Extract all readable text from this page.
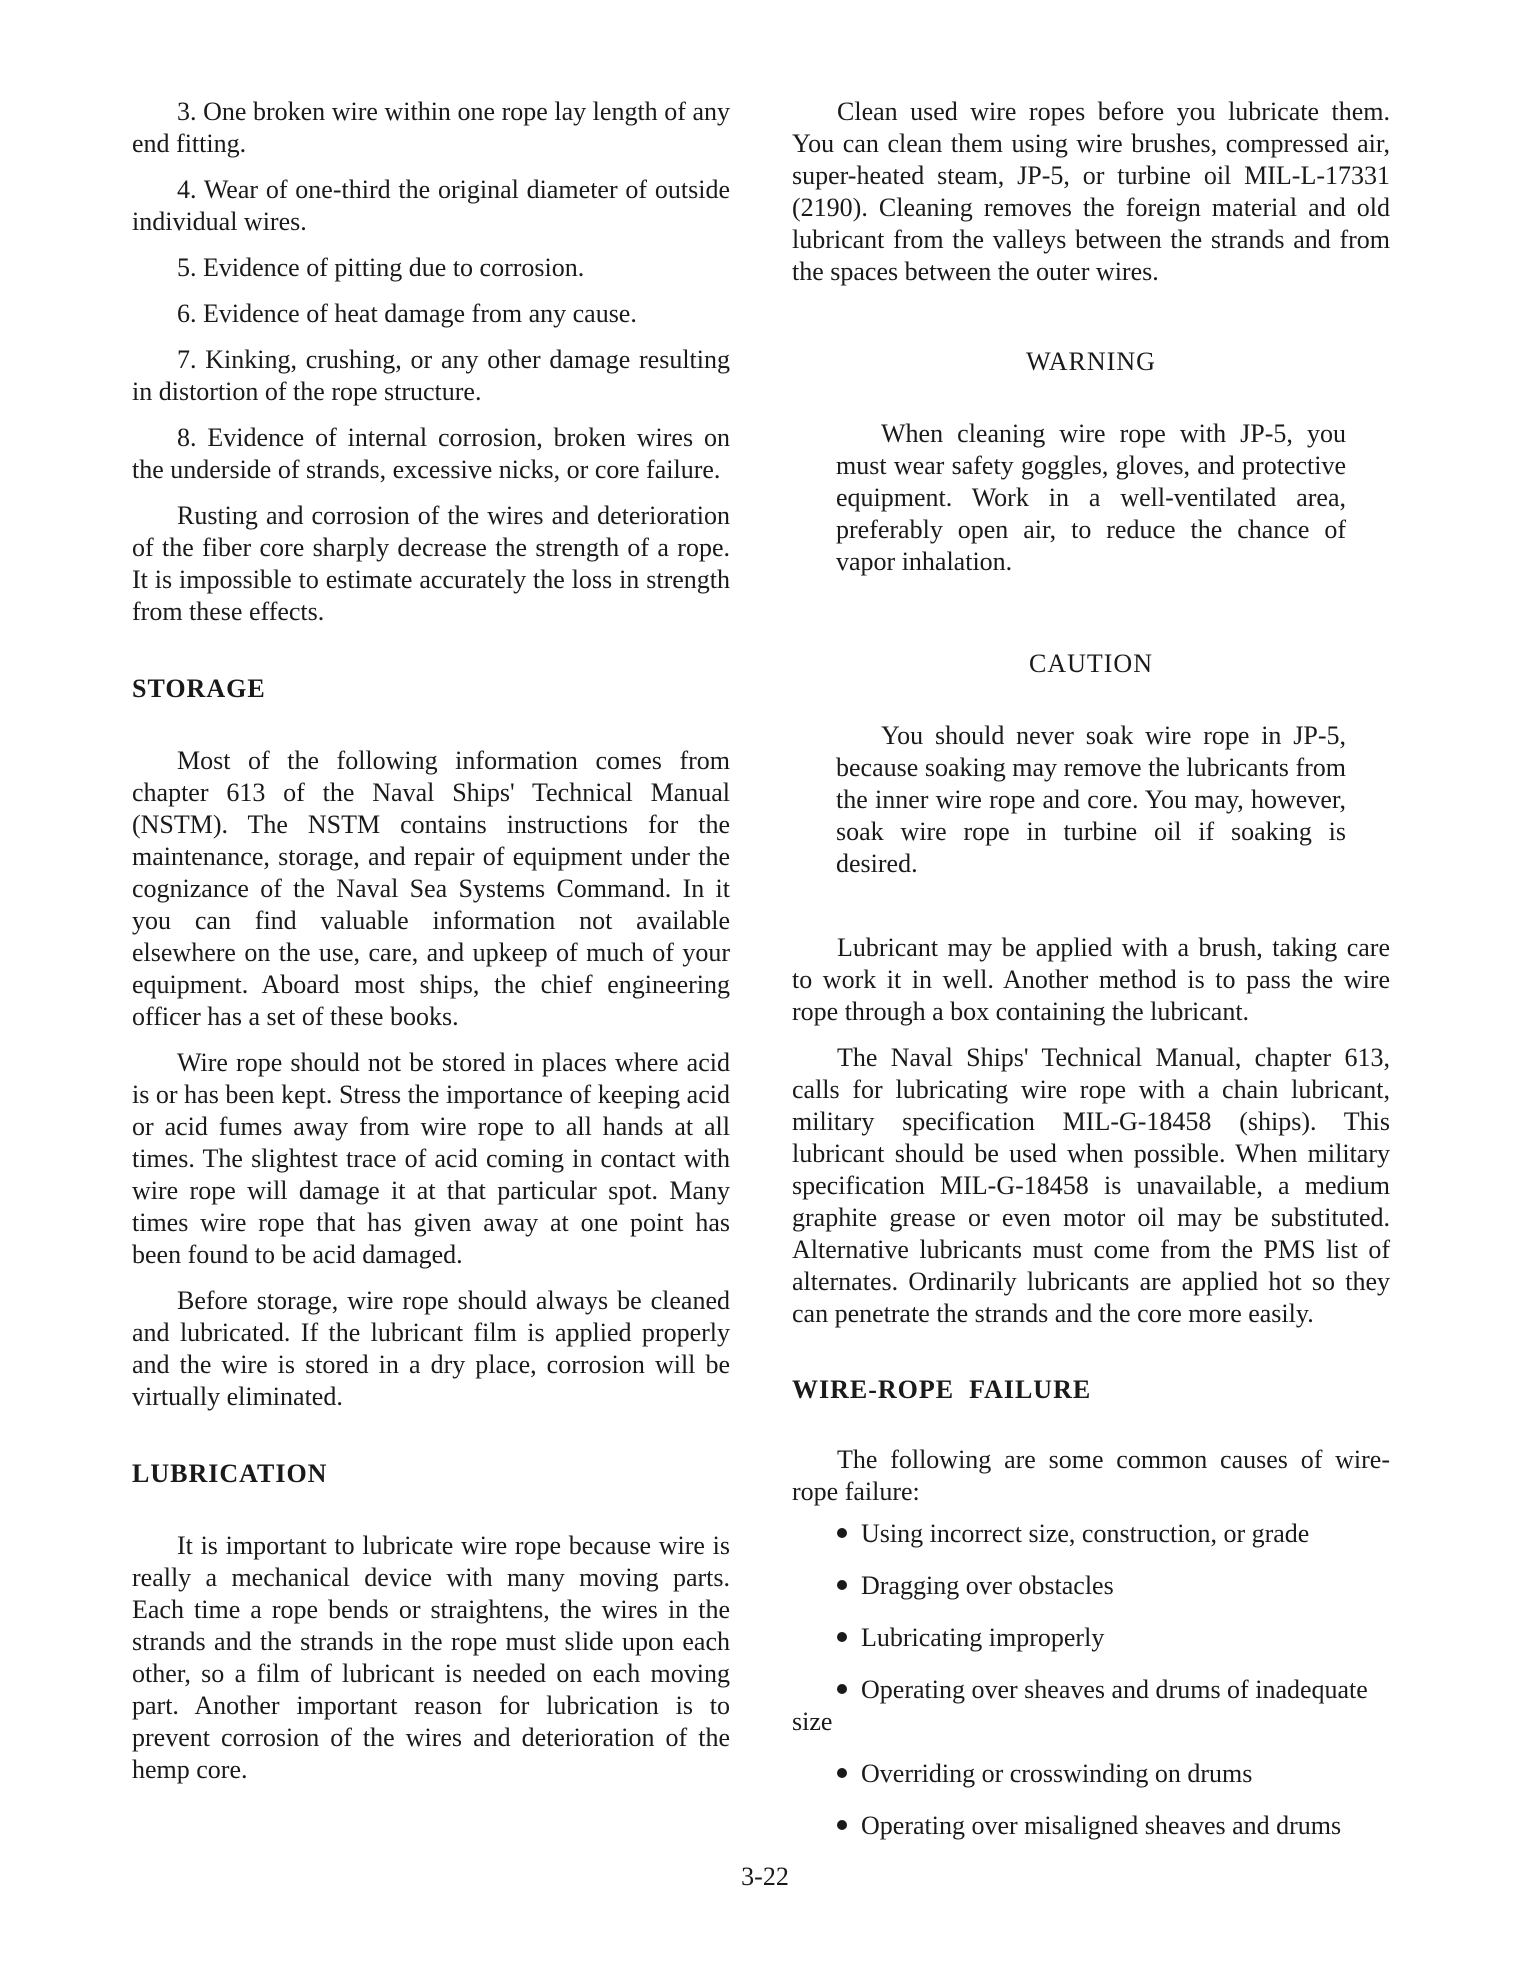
3. One broken wire within one rope lay length of any end fitting.

4. Wear of one-third the original diameter of outside individual wires.

5. Evidence of pitting due to corrosion.

6. Evidence of heat damage from any cause.

7. Kinking, crushing, or any other damage resulting in distortion of the rope structure.

8. Evidence of internal corrosion, broken wires on the underside of strands, excessive nicks, or core failure.

Rusting and corrosion of the wires and deterioration of the fiber core sharply decrease the strength of a rope. It is impossible to estimate accurately the loss in strength from these effects.

STORAGE

Most of the following information comes from chapter 613 of the Naval Ships' Technical Manual (NSTM). The NSTM contains instructions for the maintenance, storage, and repair of equipment under the cognizance of the Naval Sea Systems Command. In it you can find valuable information not available elsewhere on the use, care, and upkeep of much of your equipment. Aboard most ships, the chief engineering officer has a set of these books.

Wire rope should not be stored in places where acid is or has been kept. Stress the importance of keeping acid or acid fumes away from wire rope to all hands at all times. The slightest trace of acid coming in contact with wire rope will damage it at that particular spot. Many times wire rope that has given away at one point has been found to be acid damaged.

Before storage, wire rope should always be cleaned and lubricated. If the lubricant film is applied properly and the wire is stored in a dry place, corrosion will be virtually eliminated.

LUBRICATION

It is important to lubricate wire rope because wire is really a mechanical device with many moving parts. Each time a rope bends or straightens, the wires in the strands and the strands in the rope must slide upon each other, so a film of lubricant is needed on each moving part. Another important reason for lubrication is to prevent corrosion of the wires and deterioration of the hemp core.

Clean used wire ropes before you lubricate them. You can clean them using wire brushes, compressed air, super-heated steam, JP-5, or turbine oil MIL-L-17331 (2190). Cleaning removes the foreign material and old lubricant from the valleys between the strands and from the spaces between the outer wires.

WARNING

When cleaning wire rope with JP-5, you must wear safety goggles, gloves, and protective equipment. Work in a well-ventilated area, preferably open air, to reduce the chance of vapor inhalation.

CAUTION

You should never soak wire rope in JP-5, because soaking may remove the lubricants from the inner wire rope and core. You may, however, soak wire rope in turbine oil if soaking is desired.

Lubricant may be applied with a brush, taking care to work it in well. Another method is to pass the wire rope through a box containing the lubricant.

The Naval Ships' Technical Manual, chapter 613, calls for lubricating wire rope with a chain lubricant, military specification MIL-G-18458 (ships). This lubricant should be used when possible. When military specification MIL-G-18458 is unavailable, a medium graphite grease or even motor oil may be substituted. Alternative lubricants must come from the PMS list of alternates. Ordinarily lubricants are applied hot so they can penetrate the strands and the core more easily.

WIRE-ROPE  FAILURE

The following are some common causes of wire-rope failure:

Using incorrect size, construction, or grade
Dragging over obstacles
Lubricating improperly
Operating over sheaves and drums of inadequate size
Overriding or crosswinding on drums
Operating over misaligned sheaves and drums
3-22
